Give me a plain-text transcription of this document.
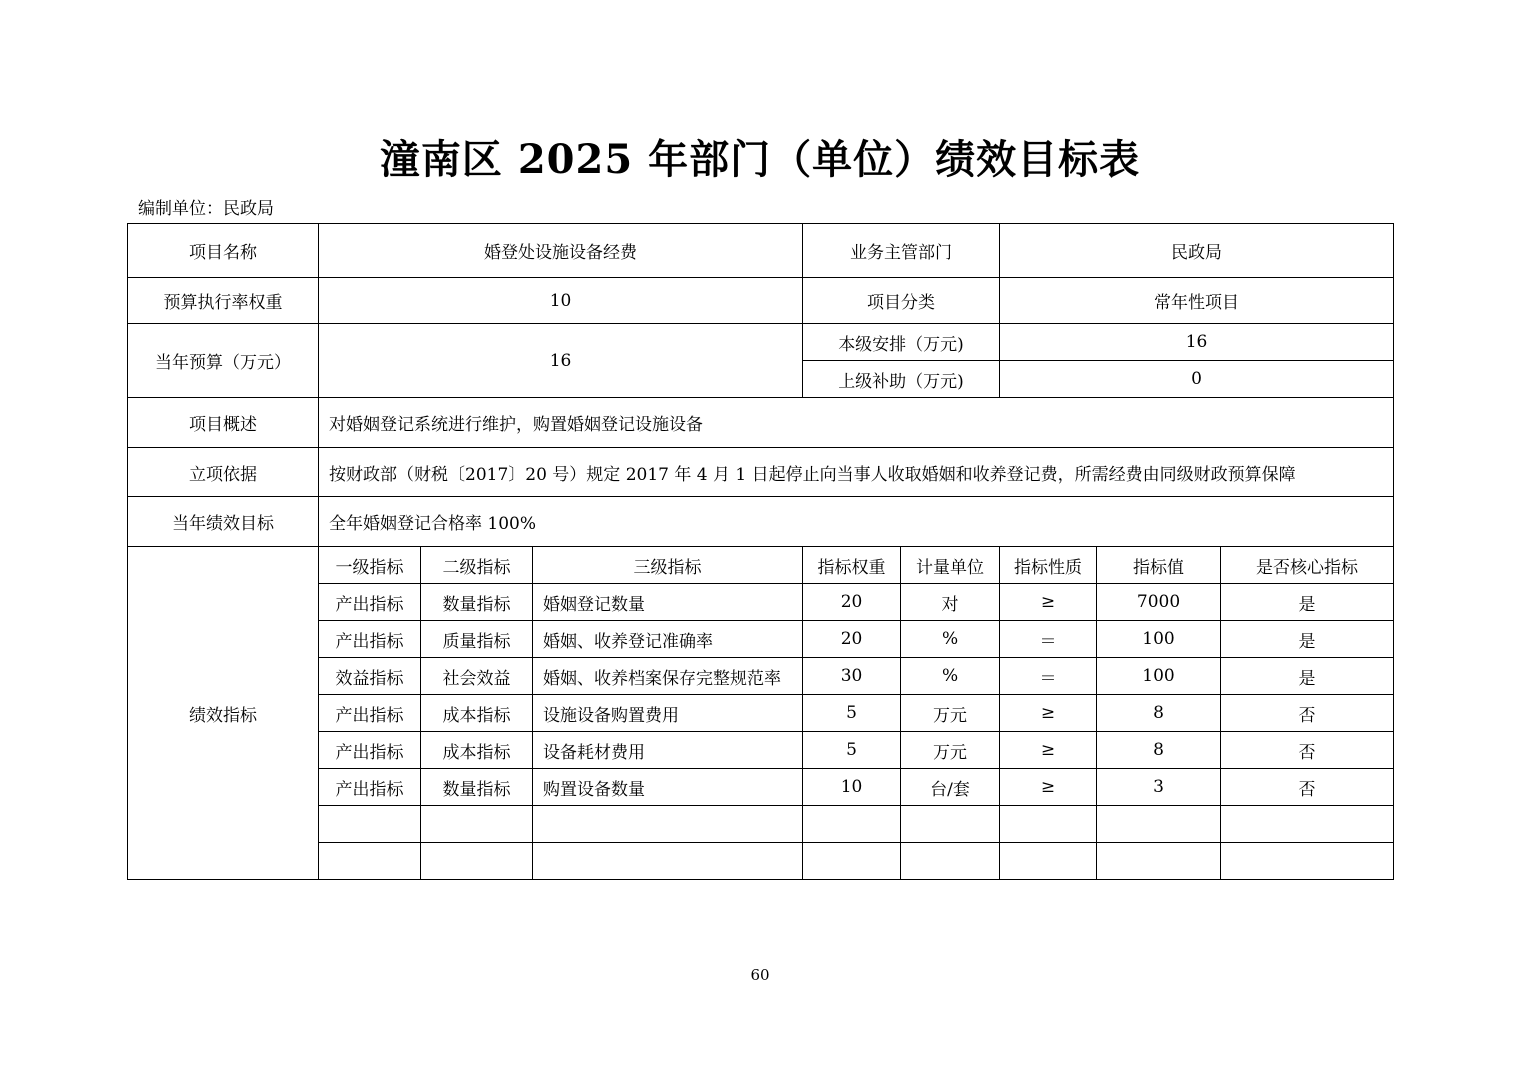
潼南区 2025 年部门（单位）绩效目标表
编制单位：民政局
项目名称	婚登处设施设备经费			业务主管部门		民政局		
预算执行率权重	10			项目分类		常年性项目		
当年预算（万元）	16			本级安排（万元)		16		
				上级补助（万元)		0		
项目概述	对婚姻登记系统进行维护，购置婚姻登记设施设备							
立项依据	按财政部（财税〔2017〕20 号）规定 2017 年 4 月 1 日起停止向当事人收取婚姻和收养登记费，所需经费由同级财政预算保障							
当年绩效目标	全年婚姻登记合格率 100%							
绩效指标	一级指标	二级指标	三级指标	指标权重	计量单位	指标性质	指标值	是否核心指标
	产出指标	数量指标	婚姻登记数量	20	对	≥	7000	是
	产出指标	质量指标	婚姻、收养登记准确率	20	%	＝	100	是
	效益指标	社会效益	婚姻、收养档案保存完整规范率	30	%	＝	100	是
	产出指标	成本指标	设施设备购置费用	5	万元	≥	8	否
	产出指标	成本指标	设备耗材费用	5	万元	≥	8	否
	产出指标	数量指标	购置设备数量	10	台/套	≥	3	否

60
